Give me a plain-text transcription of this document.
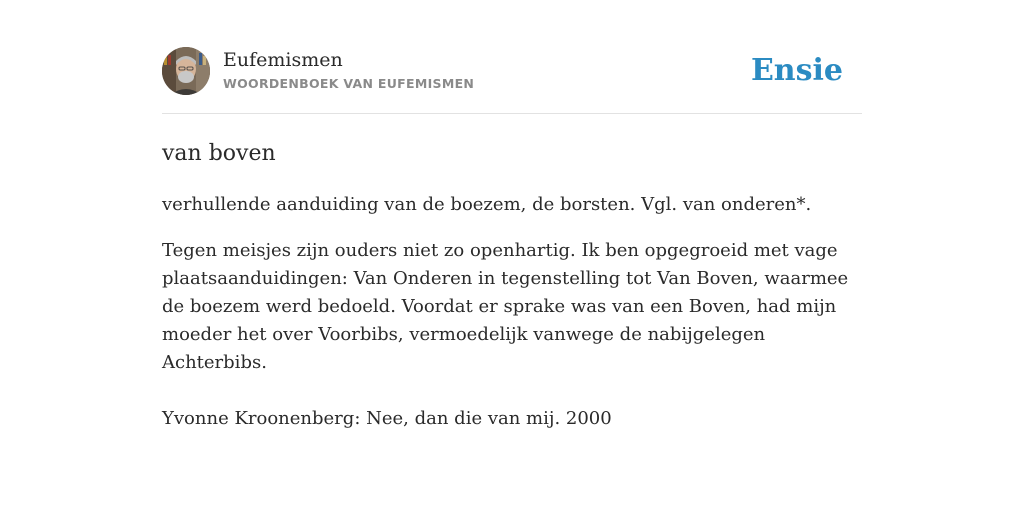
Eufemismen
WOORDENBOEK VAN EUFEMISMEN	Ensie
van boven
verhullende aanduiding van de boezem, de borsten. Vgl. van onderen*.
Tegen meisjes zijn ouders niet zo openhartig. Ik ben opgegroeid met vage plaatsaanduidingen: Van Onderen in tegenstelling tot Van Boven, waarmee de boezem werd bedoeld. Voordat er sprake was van een Boven, had mijn moeder het over Voorbibs, vermoedelijk vanwege de nabijgelegen Achterbibs.
Yvonne Kroonenberg: Nee, dan die van mij. 2000
